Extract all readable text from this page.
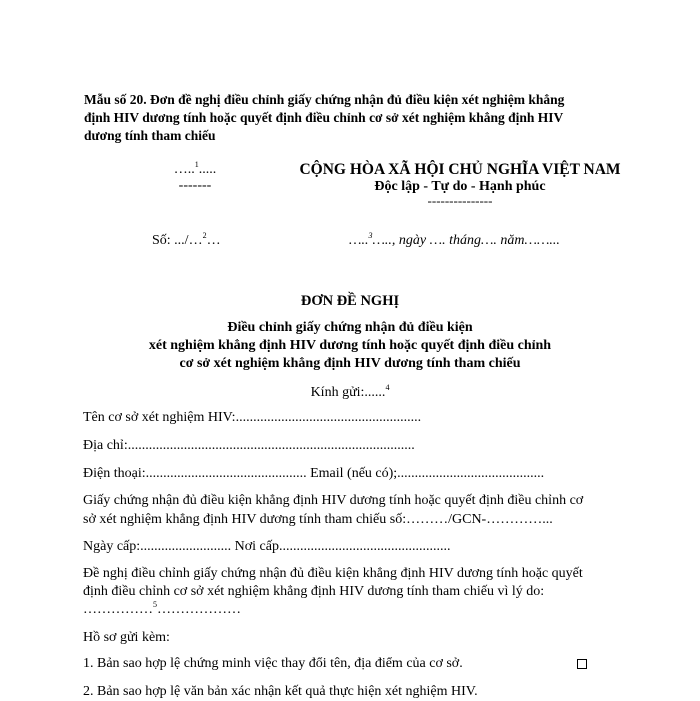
Mẫu số 20. Đơn đề nghị điều chỉnh giấy chứng nhận đủ điều kiện xét nghiệm khẳng
định HIV dương tính hoặc quyết định điều chỉnh cơ sở xét nghiệm khẳng định HIV
dương tính tham chiếu
…..$^1$.....
-------
CỘNG HÒA XÃ HỘI CHỦ NGHĨA VIỆT NAM
Độc lập - Tự do - Hạnh phúc
---------------
Số: .../…$^2$…	…..$^3$….., ngày …. tháng…. năm……...
ĐƠN ĐỀ NGHỊ
Điều chỉnh giấy chứng nhận đủ điều kiện
xét nghiệm khẳng định HIV dương tính hoặc quyết định điều chỉnh
cơ sở xét nghiệm khẳng định HIV dương tính tham chiếu
Kính gửi:......$^4$
Tên cơ sở xét nghiệm HIV:.....................................................
Địa chỉ:..................................................................................
Điện thoại:.............................................. Email (nếu có);..........................................
Giấy chứng nhận đủ điều kiện khẳng định HIV dương tính hoặc quyết định điều chỉnh cơ
sở xét nghiệm khẳng định HIV dương tính tham chiếu số:………/GCN-…………...
Ngày cấp:.......................... Nơi cấp.................................................
Đề nghị điều chỉnh giấy chứng nhận đủ điều kiện khẳng định HIV dương tính hoặc quyết
định điều chỉnh cơ sở xét nghiệm khẳng định HIV dương tính tham chiếu vì lý do:
……………$^5$………………
Hồ sơ gửi kèm:
1. Bản sao hợp lệ chứng minh việc thay đổi tên, địa điểm của cơ sở.
2. Bản sao hợp lệ văn bản xác nhận kết quả thực hiện xét nghiệm HIV.
